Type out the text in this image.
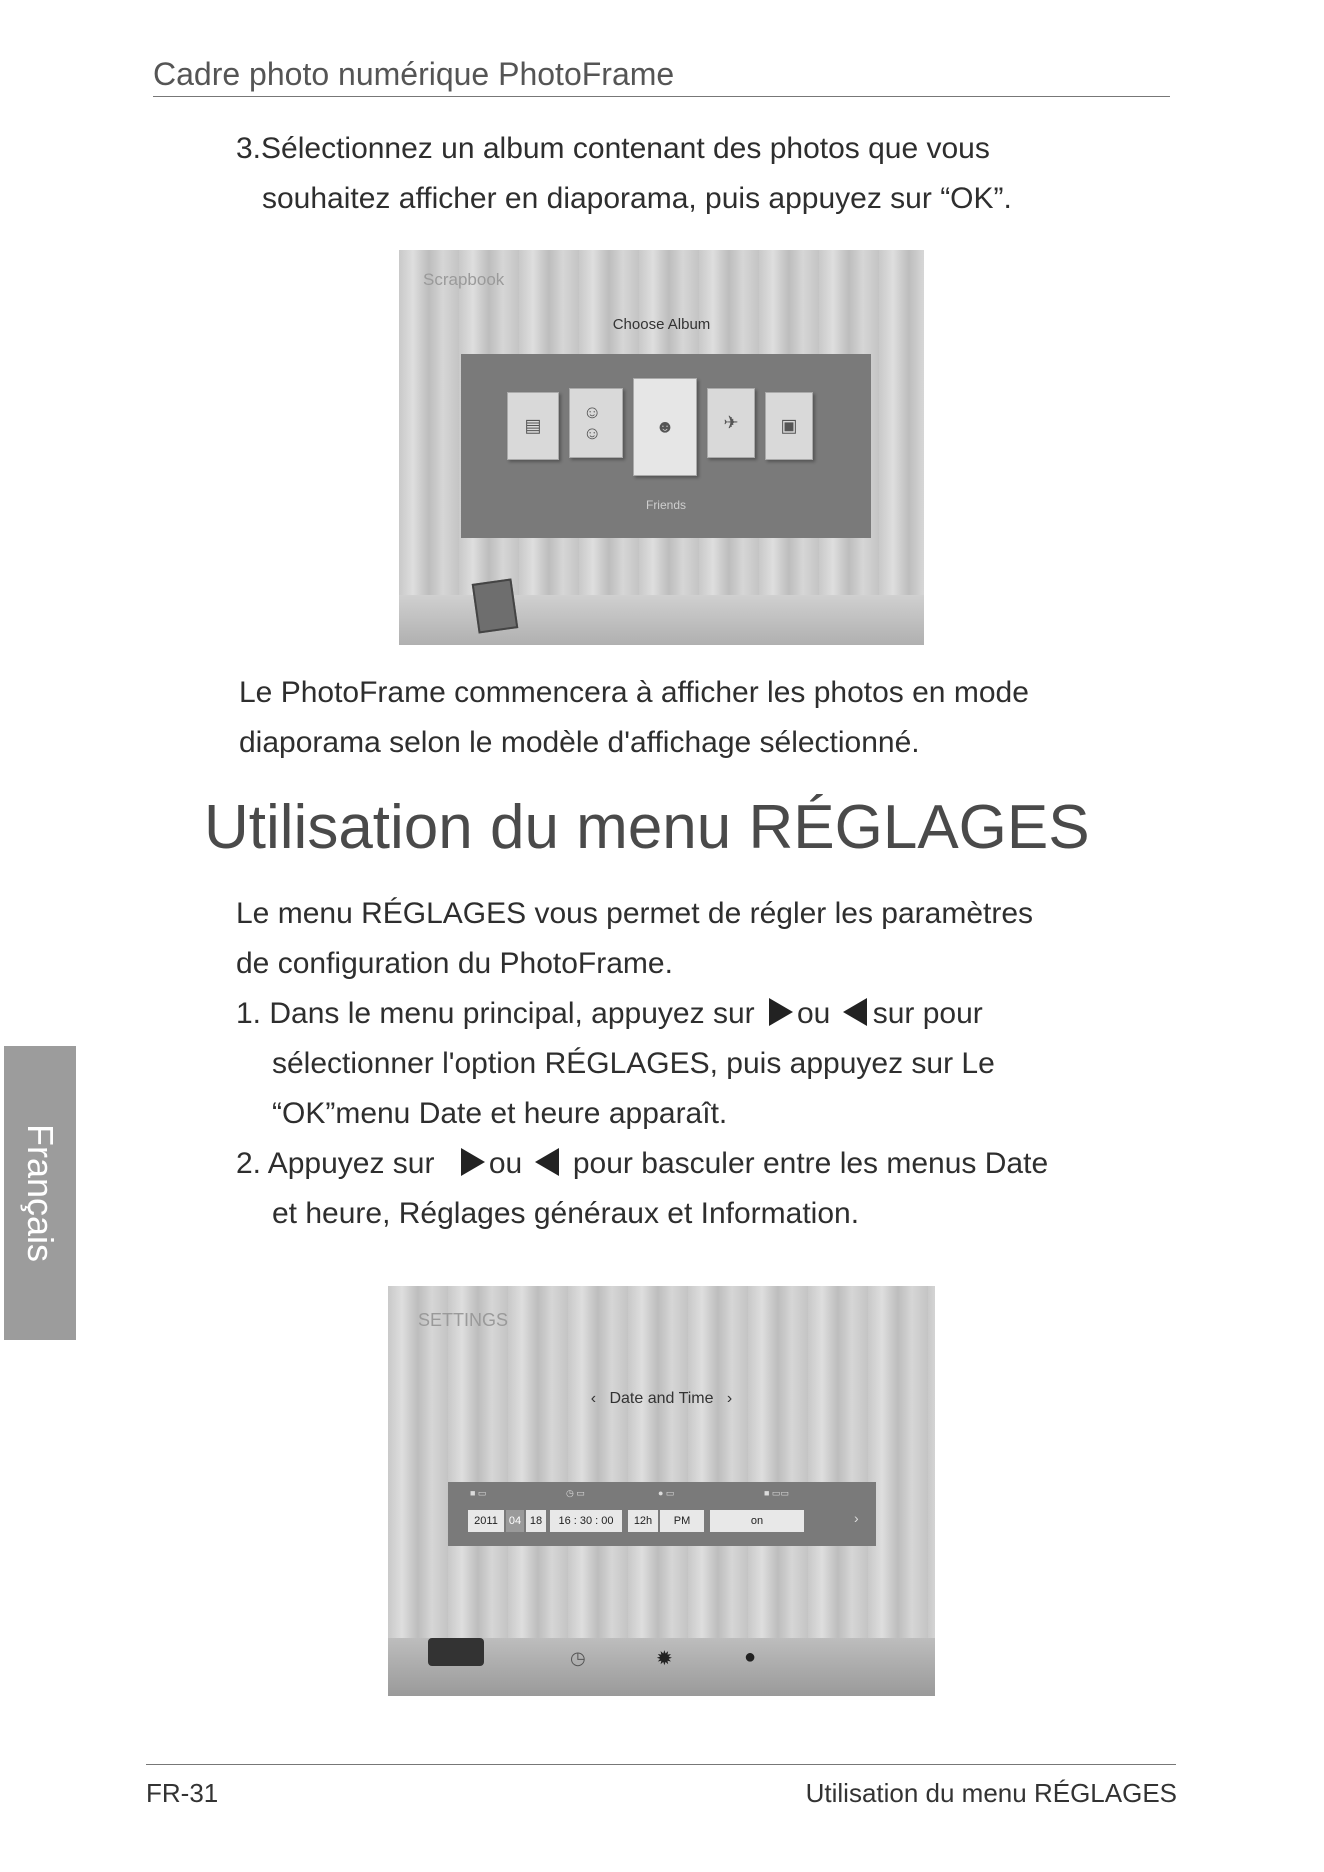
Cadre photo numérique PhotoFrame
3.Sélectionnez un album contenant des photos que vous
souhaitez afficher en diaporama, puis appuyez sur “OK”.
Scrapbook
Choose Album
▤
☺☺	☻	✈ ▣
Friends
Le PhotoFrame commencera à afficher les photos en mode
diaporama selon le modèle d'affichage sélectionné.
Utilisation du menu RÉGLAGES
Le menu RÉGLAGES vous permet de régler les paramètres
de configuration du PhotoFrame.
1. Dans le menu principal, appuyez sur ou sur pour
sélectionner l'option RÉGLAGES, puis appuyez sur Le
“OK”menu Date et heure apparaît.
2. Appuyez sur ou pour basculer entre les menus Date
et heure, Réglages généraux et Information.
SETTINGS
‹ Date and Time ›
■ ▭	◷ ▭	● ▭	■ ▭▭
2011	04 18	16 : 30 : 00	12h	PM	on	›
◷	✹	●
Français
FR-31	Utilisation du menu RÉGLAGES
